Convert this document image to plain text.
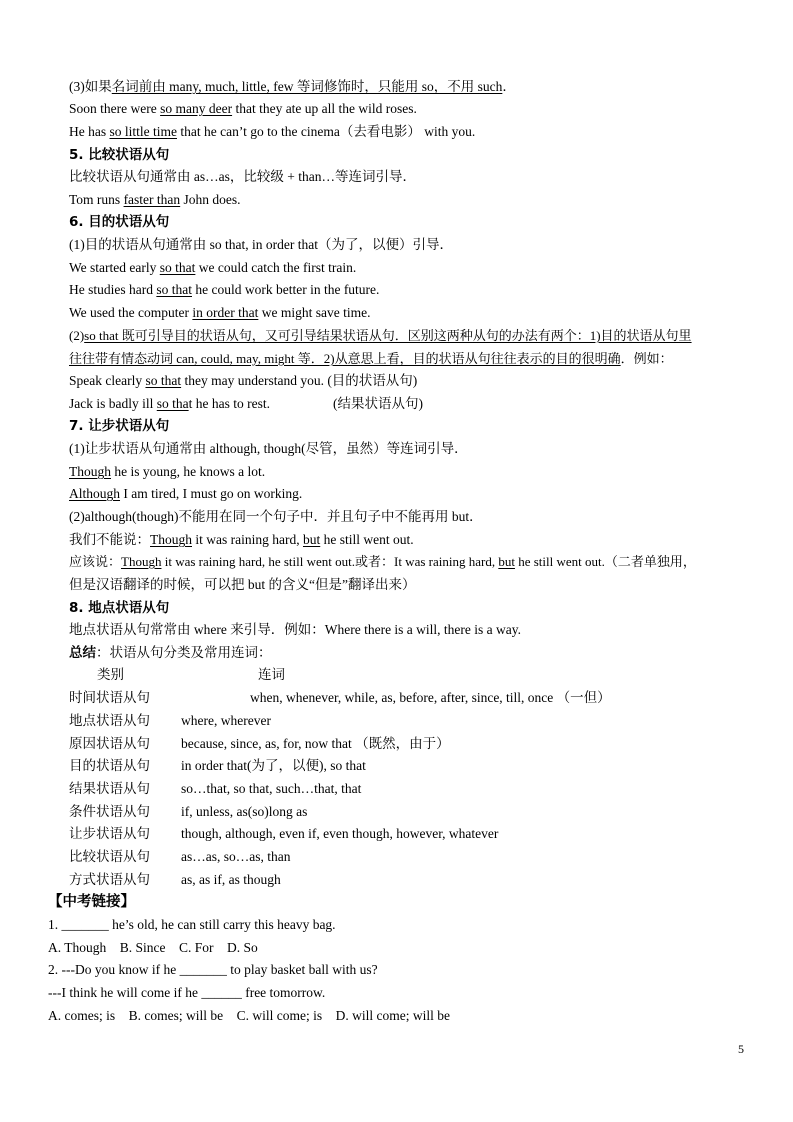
(3)如果名词前由 many, much, little, few 等词修饰时，只能用 so，不用 such．
Soon there were so many deer that they ate up all the wild roses.
He has so little time that he can’t go to the cinema（去看电影） with you.
5. 比较状语从句
比较状语从句通常由 as…as，比较级 + than…等连词引导．
Tom runs faster than John does.
6. 目的状语从句
(1)目的状语从句通常由 so that, in order that（为了，以便）引导．
We started early so that we could catch the first train.
He studies hard so that he could work better in the future.
We used the computer in order that we might save time.
(2)so that 既可引导目的状语从句，又可引导结果状语从句．区别这两种从句的办法有两个：1)目的状语从句里
往往带有情态动词 can, could, may, might 等．2)从意思上看，目的状语从句往往表示的目的很明确．例如：
Speak clearly so that they may understand you. (目的状语从句)
Jack is badly ill so that he has to rest.	(结果状语从句)
7. 让步状语从句
(1)让步状语从句通常由 although, though(尽管，虽然）等连词引导．
Though he is young, he knows a lot.
Although I am tired, I must go on working.
(2)although(though)不能用在同一个句子中．并且句子中不能再用 but．
我们不能说：Though it was raining hard, but he still went out.
应该说：Though it was raining hard, he still went out.或者：It was raining hard, but he still went out.（二者单独用，
但是汉语翻译的时候，可以把 but 的含义“但是”翻译出来）
8. 地点状语从句
地点状语从句常常由 where 来引导．例如：Where there is a will, there is a way.
总结：状语从句分类及常用连词：
类别	连词
时间状语从句	when, whenever, while, as, before, after, since, till, once （一但）
地点状语从句 where, wherever
原因状语从句 because, since, as, for, now that （既然，由于）
目的状语从句 in order that(为了，以便), so that
结果状语从句 so…that, so that, such…that, that
条件状语从句 if, unless, as(so)long as
让步状语从句 though, although, even if, even though, however, whatever
比较状语从句 as…as, so…as, than
方式状语从句 as, as if, as though
【中考链接】
1. _______ he’s old, he can still carry this heavy bag.
A. Though    B. Since    C. For    D. So
2. ---Do you know if he _______ to play basket ball with us?
---I think he will come if he ______ free tomorrow.
A. comes; is    B. comes; will be    C. will come; is    D. will come; will be
5
